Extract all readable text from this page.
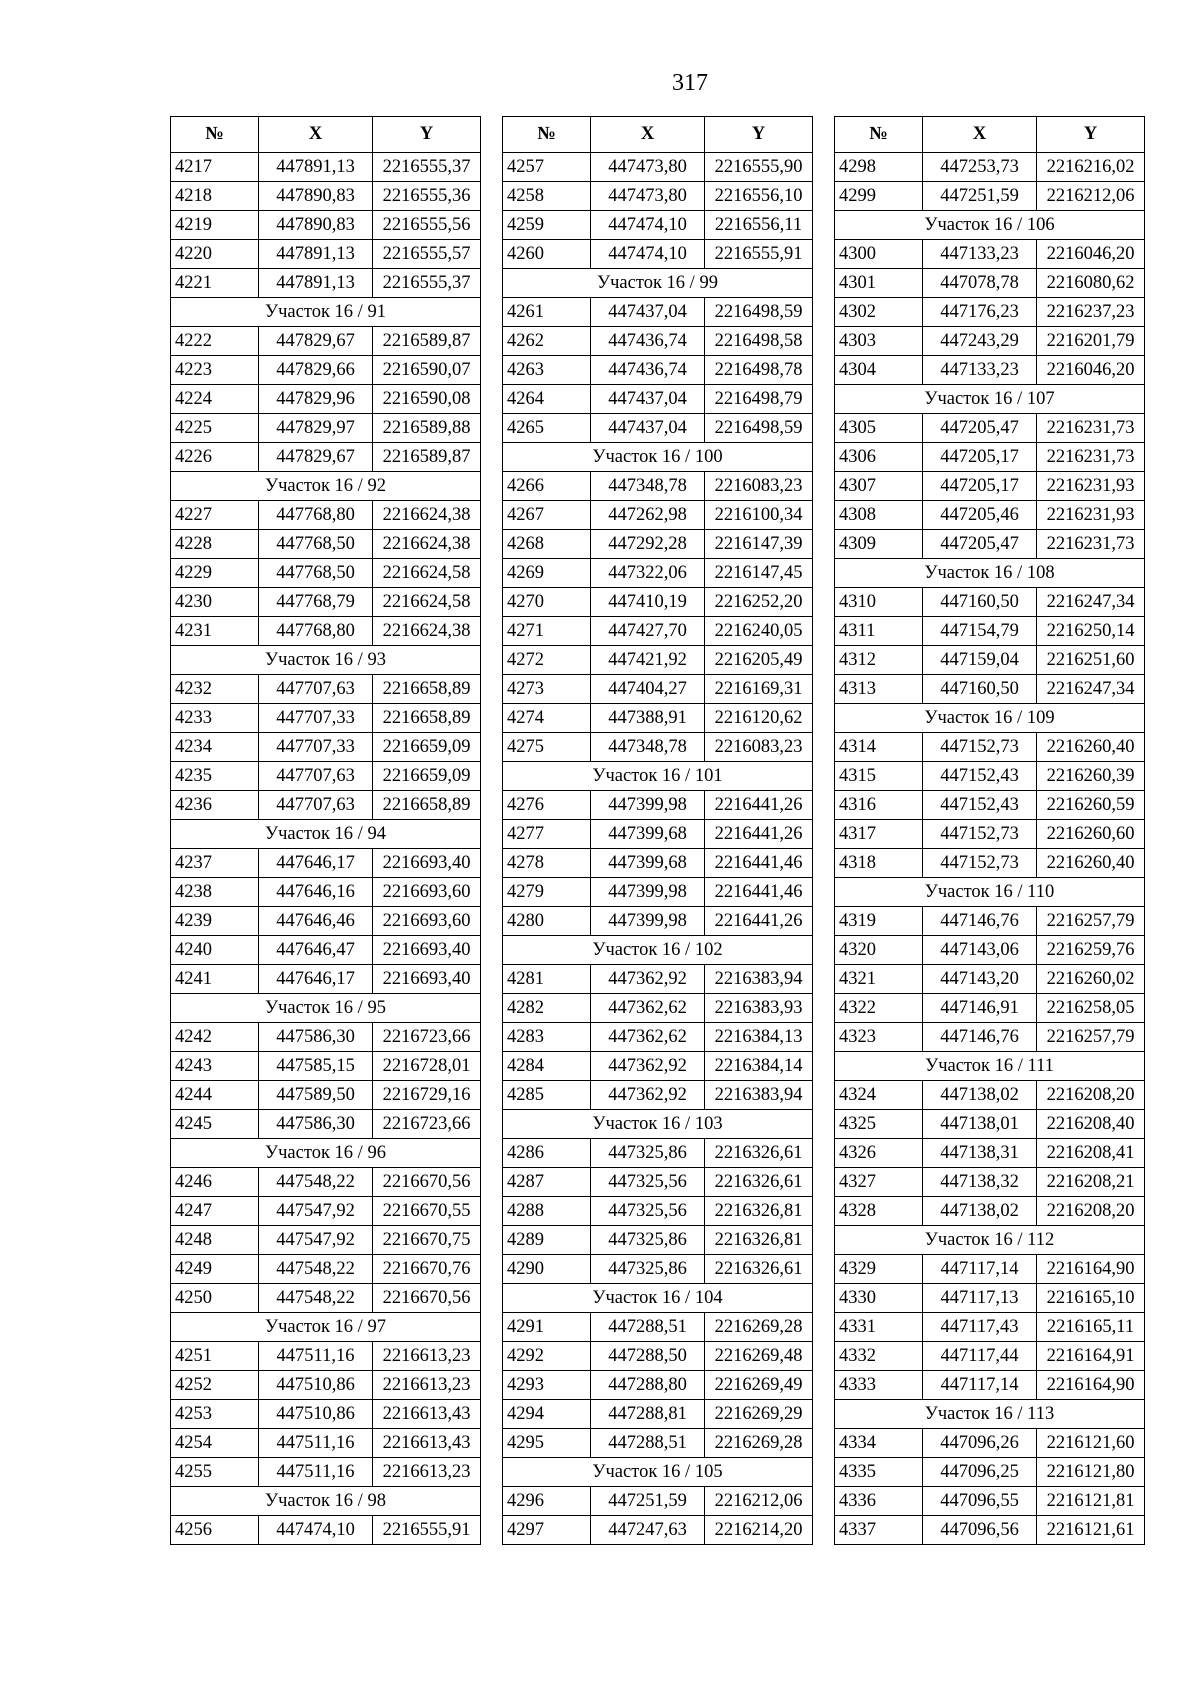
317
№	X	Y
4217	447891,13	2216555,37
4218	447890,83	2216555,36
4219	447890,83	2216555,56
4220	447891,13	2216555,57
4221	447891,13	2216555,37
Участок 16 / 91		
4222	447829,67	2216589,87
4223	447829,66	2216590,07
4224	447829,96	2216590,08
4225	447829,97	2216589,88
4226	447829,67	2216589,87
Участок 16 / 92		
4227	447768,80	2216624,38
4228	447768,50	2216624,38
4229	447768,50	2216624,58
4230	447768,79	2216624,58
4231	447768,80	2216624,38
Участок 16 / 93		
4232	447707,63	2216658,89
4233	447707,33	2216658,89
4234	447707,33	2216659,09
4235	447707,63	2216659,09
4236	447707,63	2216658,89
Участок 16 / 94		
4237	447646,17	2216693,40
4238	447646,16	2216693,60
4239	447646,46	2216693,60
4240	447646,47	2216693,40
4241	447646,17	2216693,40
Участок 16 / 95		
4242	447586,30	2216723,66
4243	447585,15	2216728,01
4244	447589,50	2216729,16
4245	447586,30	2216723,66
Участок 16 / 96		
4246	447548,22	2216670,56
4247	447547,92	2216670,55
4248	447547,92	2216670,75
4249	447548,22	2216670,76
4250	447548,22	2216670,56
Участок 16 / 97		
4251	447511,16	2216613,23
4252	447510,86	2216613,23
4253	447510,86	2216613,43
4254	447511,16	2216613,43
4255	447511,16	2216613,23
Участок 16 / 98		
4256	447474,10	2216555,91
№	X	Y
4257	447473,80	2216555,90
4258	447473,80	2216556,10
4259	447474,10	2216556,11
4260	447474,10	2216555,91
Участок 16 / 99		
4261	447437,04	2216498,59
4262	447436,74	2216498,58
4263	447436,74	2216498,78
4264	447437,04	2216498,79
4265	447437,04	2216498,59
Участок 16 / 100		
4266	447348,78	2216083,23
4267	447262,98	2216100,34
4268	447292,28	2216147,39
4269	447322,06	2216147,45
4270	447410,19	2216252,20
4271	447427,70	2216240,05
4272	447421,92	2216205,49
4273	447404,27	2216169,31
4274	447388,91	2216120,62
4275	447348,78	2216083,23
Участок 16 / 101		
4276	447399,98	2216441,26
4277	447399,68	2216441,26
4278	447399,68	2216441,46
4279	447399,98	2216441,46
4280	447399,98	2216441,26
Участок 16 / 102		
4281	447362,92	2216383,94
4282	447362,62	2216383,93
4283	447362,62	2216384,13
4284	447362,92	2216384,14
4285	447362,92	2216383,94
Участок 16 / 103		
4286	447325,86	2216326,61
4287	447325,56	2216326,61
4288	447325,56	2216326,81
4289	447325,86	2216326,81
4290	447325,86	2216326,61
Участок 16 / 104		
4291	447288,51	2216269,28
4292	447288,50	2216269,48
4293	447288,80	2216269,49
4294	447288,81	2216269,29
4295	447288,51	2216269,28
Участок 16 / 105		
4296	447251,59	2216212,06
4297	447247,63	2216214,20
№	X	Y
4298	447253,73	2216216,02
4299	447251,59	2216212,06
Участок 16 / 106		
4300	447133,23	2216046,20
4301	447078,78	2216080,62
4302	447176,23	2216237,23
4303	447243,29	2216201,79
4304	447133,23	2216046,20
Участок 16 / 107		
4305	447205,47	2216231,73
4306	447205,17	2216231,73
4307	447205,17	2216231,93
4308	447205,46	2216231,93
4309	447205,47	2216231,73
Участок 16 / 108		
4310	447160,50	2216247,34
4311	447154,79	2216250,14
4312	447159,04	2216251,60
4313	447160,50	2216247,34
Участок 16 / 109		
4314	447152,73	2216260,40
4315	447152,43	2216260,39
4316	447152,43	2216260,59
4317	447152,73	2216260,60
4318	447152,73	2216260,40
Участок 16 / 110		
4319	447146,76	2216257,79
4320	447143,06	2216259,76
4321	447143,20	2216260,02
4322	447146,91	2216258,05
4323	447146,76	2216257,79
Участок 16 / 111		
4324	447138,02	2216208,20
4325	447138,01	2216208,40
4326	447138,31	2216208,41
4327	447138,32	2216208,21
4328	447138,02	2216208,20
Участок 16 / 112		
4329	447117,14	2216164,90
4330	447117,13	2216165,10
4331	447117,43	2216165,11
4332	447117,44	2216164,91
4333	447117,14	2216164,90
Участок 16 / 113		
4334	447096,26	2216121,60
4335	447096,25	2216121,80
4336	447096,55	2216121,81
4337	447096,56	2216121,61
